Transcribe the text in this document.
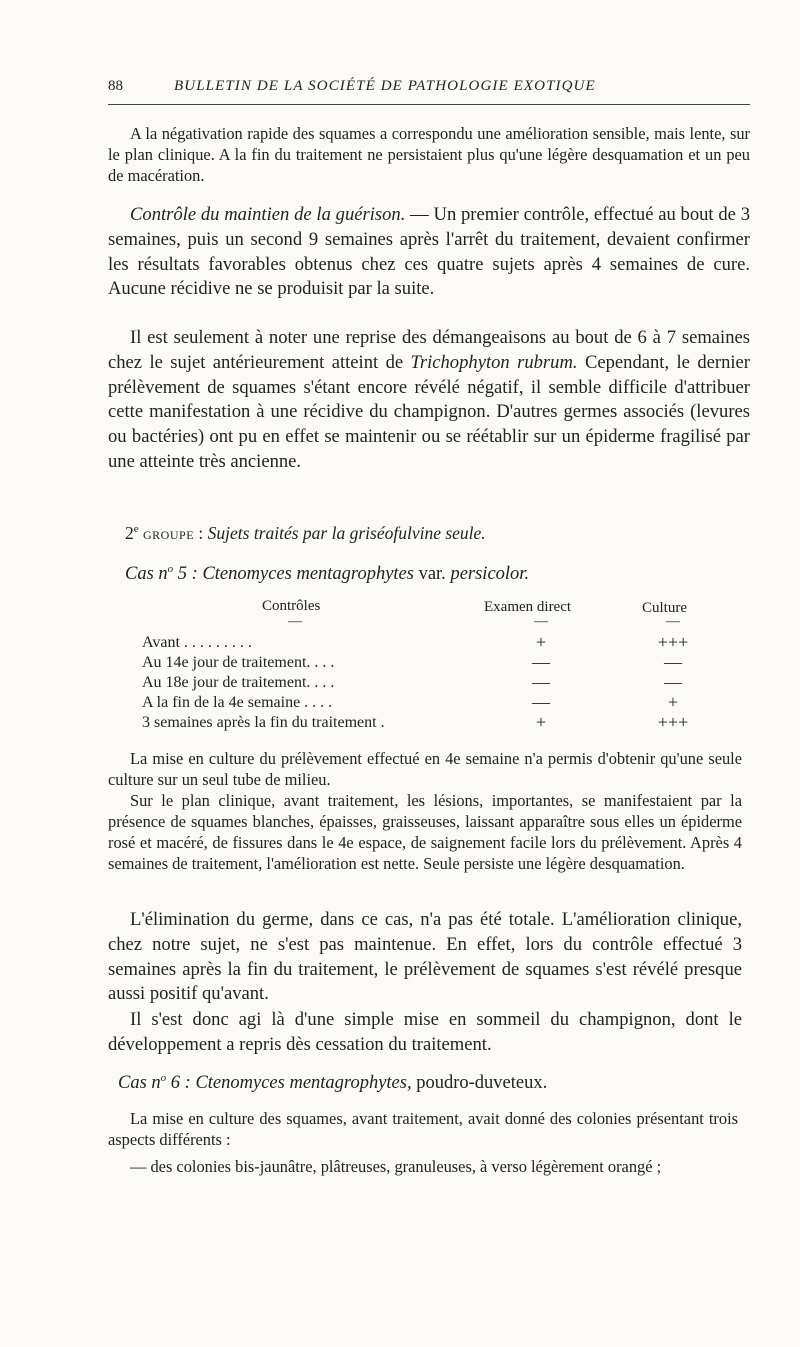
88	BULLETIN DE LA SOCIÉTÉ DE PATHOLOGIE EXOTIQUE

A la négativation rapide des squames a correspondu une amélioration sensible, mais lente, sur le plan clinique. A la fin du traitement ne persistaient plus qu'une légère desquamation et un peu de macération.

Contrôle du maintien de la guérison. — Un premier contrôle, effectué au bout de 3 semaines, puis un second 9 semaines après l'arrêt du traitement, devaient confirmer les résultats favorables obtenus chez ces quatre sujets après 4 semaines de cure. Aucune récidive ne se produisit par la suite.

Il est seulement à noter une reprise des démangeaisons au bout de 6 à 7 semaines chez le sujet antérieurement atteint de Trichophyton rubrum. Cependant, le dernier prélèvement de squames s'étant encore révélé négatif, il semble difficile d'attribuer cette manifestation à une récidive du champignon. D'autres germes associés (levures ou bactéries) ont pu en effet se maintenir ou se réétablir sur un épiderme fragilisé par une atteinte très ancienne.

2e groupe : Sujets traités par la griséofulvine seule.
Cas $n^o$ 5 : Ctenomyces mentagrophytes var. persicolor.
Contrôles	Examen direct	Culture
—	—	—
Avant . . . . . . . . .	+	+++
Au 14e jour de traitement. . . .	—	—
Au 18e jour de traitement. . . .	—	—
A la fin de la 4e semaine . . . .	—	+
3 semaines après la fin du traitement .	+	+++

La mise en culture du prélèvement effectué en 4e semaine n'a permis d'obtenir qu'une seule culture sur un seul tube de milieu.

Sur le plan clinique, avant traitement, les lésions, importantes, se manifestaient par la présence de squames blanches, épaisses, graisseuses, laissant apparaître sous elles un épiderme rosé et macéré, de fissures dans le 4e espace, de saignement facile lors du prélèvement. Après 4 semaines de traitement, l'amélioration est nette. Seule persiste une légère desquamation.

L'élimination du germe, dans ce cas, n'a pas été totale. L'amélioration clinique, chez notre sujet, ne s'est pas maintenue. En effet, lors du contrôle effectué 3 semaines après la fin du traitement, le prélèvement de squames s'est révélé presque aussi positif qu'avant.

Il s'est donc agi là d'une simple mise en sommeil du champignon, dont le développement a repris dès cessation du traitement.

Cas $n^o$ 6 : Ctenomyces mentagrophytes, poudro-duveteux.

La mise en culture des squames, avant traitement, avait donné des colonies présentant trois aspects différents :

— des colonies bis-jaunâtre, plâtreuses, granuleuses, à verso légèrement orangé ;
